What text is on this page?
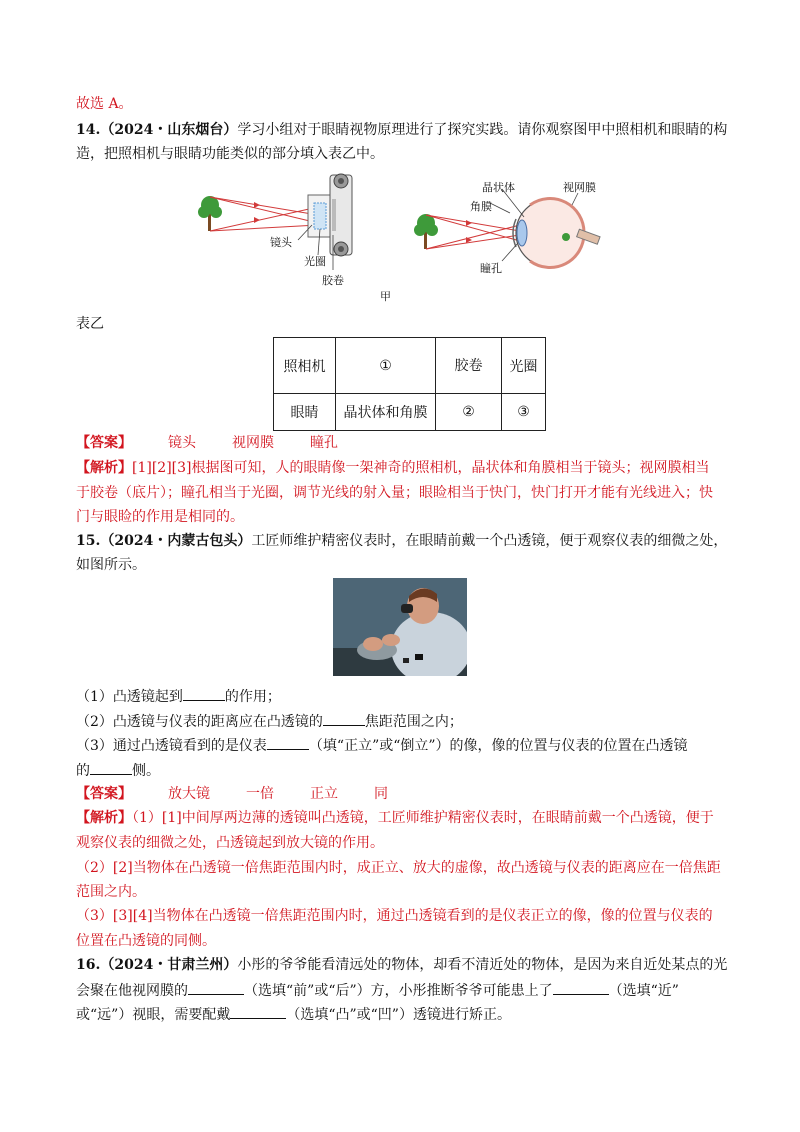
故选 A。
14.（2024・山东烟台）学习小组对于眼睛视物原理进行了探究实践。请你观察图甲中照相机和眼睛的构
造，把照相机与眼睛功能类似的部分填入表乙中。
镜头
光圈
胶卷
晶状体	视网膜
角膜
瞳孔
甲
表乙
照相机	①	胶卷	光圈
眼睛	晶状体和角膜	②	③
【答案】	镜头	视网膜	瞳孔
【解析】[1][2][3]根据图可知，人的眼睛像一架神奇的照相机，晶状体和角膜相当于镜头；视网膜相当
于胶卷（底片）；瞳孔相当于光圈，调节光线的射入量；眼睑相当于快门，快门打开才能有光线进入；快
门与眼睑的作用是相同的。
15.（2024・内蒙古包头）工匠师维护精密仪表时，在眼睛前戴一个凸透镜，便于观察仪表的细微之处，
如图所示。
（1）凸透镜起到	的作用；
（2）凸透镜与仪表的距离应在凸透镜的	焦距范围之内；
（3）通过凸透镜看到的是仪表	（填“正立”或“倒立”）的像，像的位置与仪表的位置在凸透镜
的	侧。
【答案】	放大镜	一倍	正立	同
【解析】（1）[1]中间厚两边薄的透镜叫凸透镜，工匠师维护精密仪表时，在眼睛前戴一个凸透镜，便于
观察仪表的细微之处，凸透镜起到放大镜的作用。
（2）[2]当物体在凸透镜一倍焦距范围内时，成正立、放大的虚像，故凸透镜与仪表的距离应在一倍焦距
范围之内。
（3）[3][4]当物体在凸透镜一倍焦距范围内时，通过凸透镜看到的是仪表正立的像，像的位置与仪表的
位置在凸透镜的同侧。
16.（2024・甘肃兰州）小彤的爷爷能看清远处的物体，却看不清近处的物体，是因为来自近处某点的光
会聚在他视网膜的	（选填“前”或“后”）方，小彤推断爷爷可能患上了	（选填“近”
或“远”）视眼，需要配戴	（选填“凸”或“凹”）透镜进行矫正。
